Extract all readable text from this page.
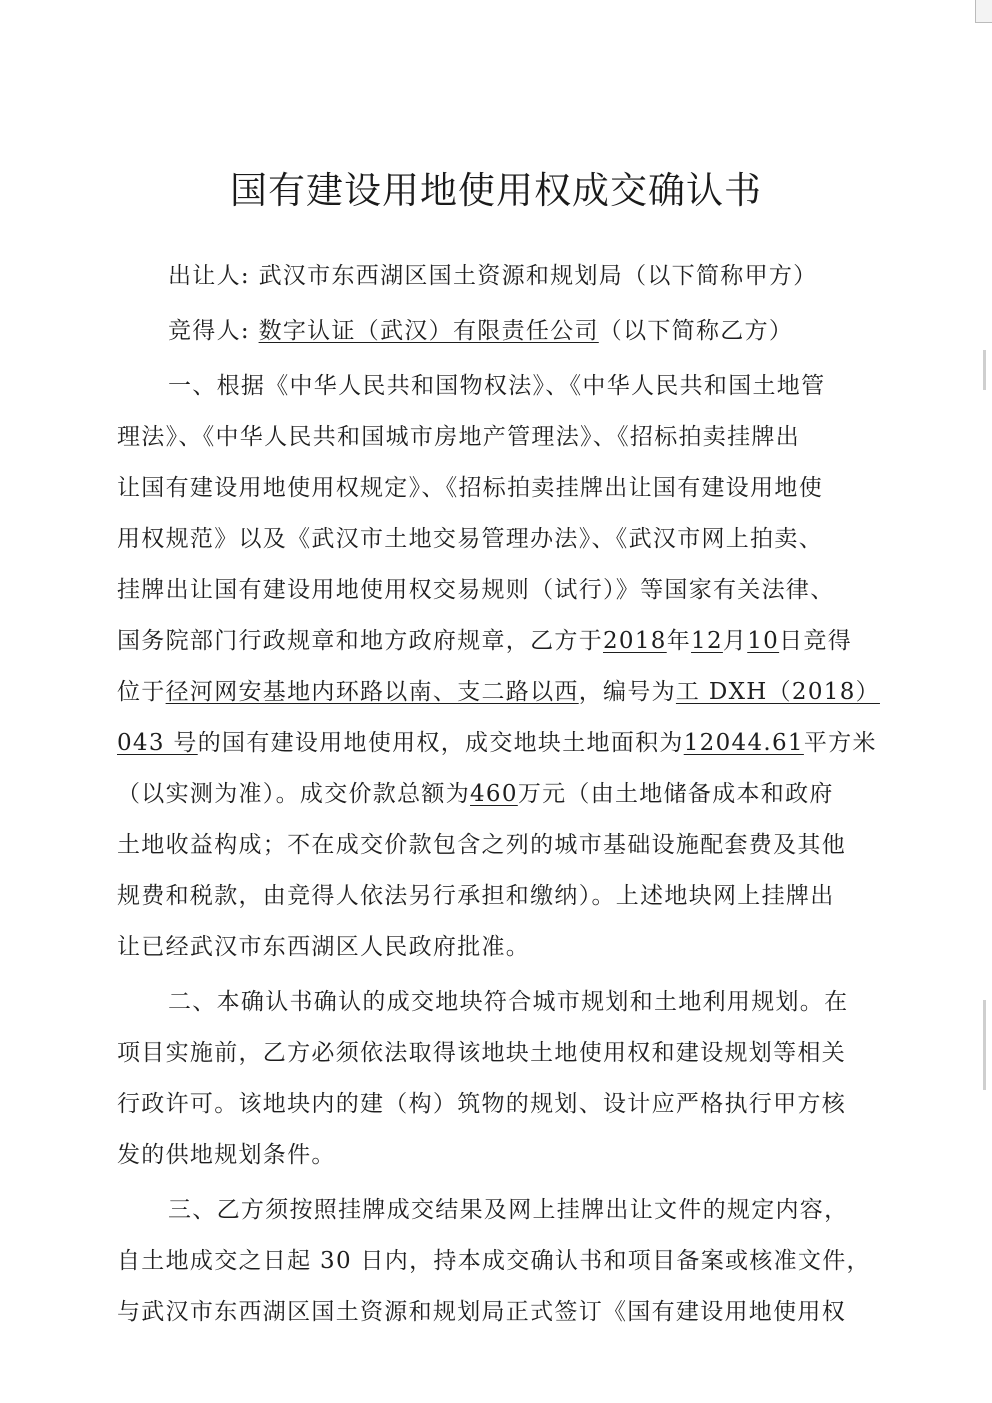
国有建设用地使用权成交确认书
出让人: 武汉市东西湖区国土资源和规划局（以下简称甲方）
竞得人: 数字认证（武汉）有限责任公司（以下简称乙方）
一、根据《中华人民共和国物权法》、《中华人民共和国土地管
理法》、《中华人民共和国城市房地产管理法》、《招标拍卖挂牌出
让国有建设用地使用权规定》、《招标拍卖挂牌出让国有建设用地使
用权规范》以及《武汉市土地交易管理办法》、《武汉市网上拍卖、
挂牌出让国有建设用地使用权交易规则（试行）》等国家有关法律、
国务院部门行政规章和地方政府规章，乙方于2018年12月10日竞得
位于径河网安基地内环路以南、支二路以西，编号为工 DXH（2018）
043 号的国有建设用地使用权，成交地块土地面积为12044.61平方米
（以实测为准）。成交价款总额为460万元（由土地储备成本和政府
土地收益构成；不在成交价款包含之列的城市基础设施配套费及其他
规费和税款，由竞得人依法另行承担和缴纳）。上述地块网上挂牌出
让已经武汉市东西湖区人民政府批准。
二、本确认书确认的成交地块符合城市规划和土地利用规划。在
项目实施前，乙方必须依法取得该地块土地使用权和建设规划等相关
行政许可。该地块内的建（构）筑物的规划、设计应严格执行甲方核
发的供地规划条件。
三、乙方须按照挂牌成交结果及网上挂牌出让文件的规定内容，
自土地成交之日起 30 日内，持本成交确认书和项目备案或核准文件，
与武汉市东西湖区国土资源和规划局正式签订《国有建设用地使用权
